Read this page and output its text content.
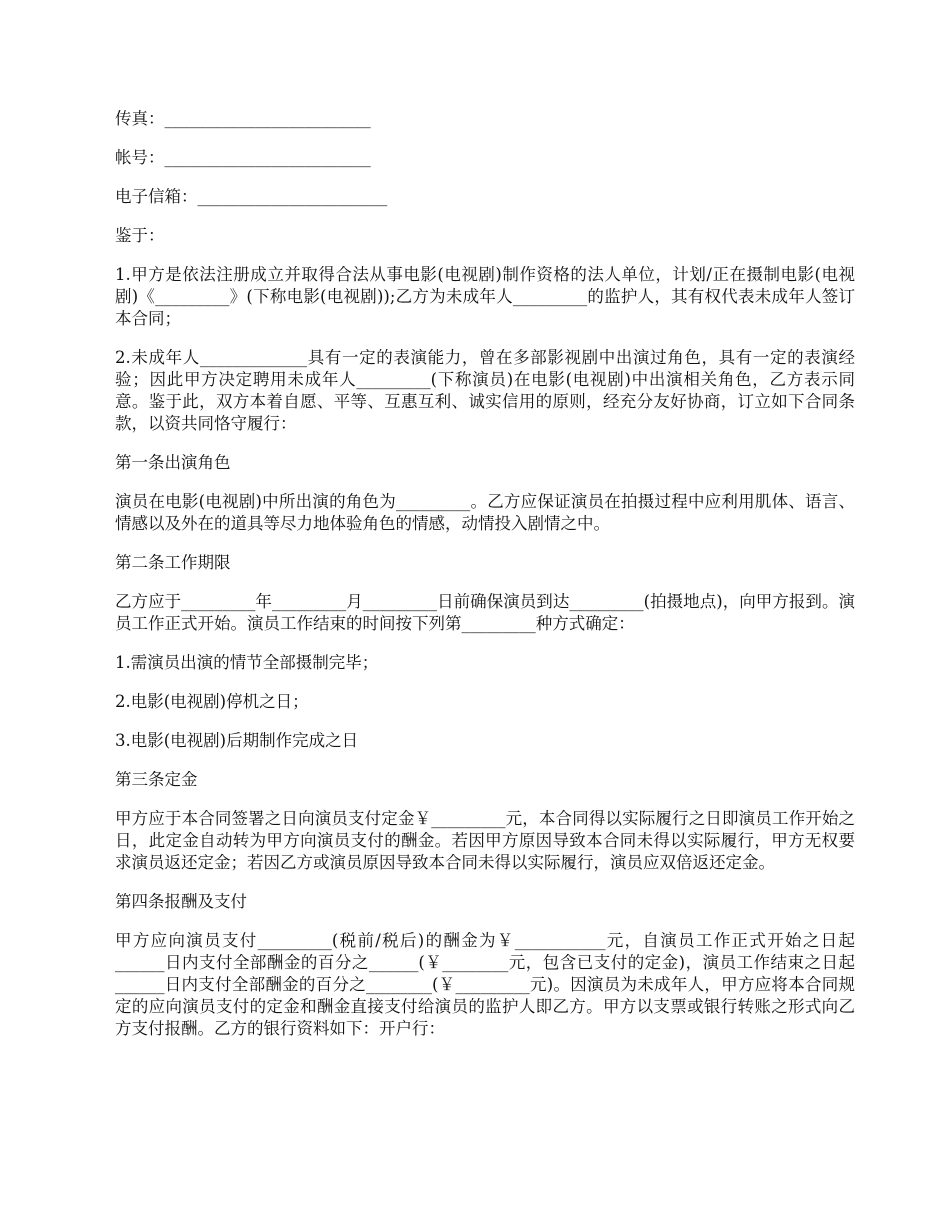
传真：_________________________

帐号：_________________________

电子信箱：_______________________

鉴于：

1.甲方是依法注册成立并取得合法从事电影(电视剧)制作资格的法人单位，计划/正在摄制电影(电视剧)《_________》(下称电影(电视剧));乙方为未成年人_________的监护人，其有权代表未成年人签订本合同；

2.未成年人_____________具有一定的表演能力，曾在多部影视剧中出演过角色，具有一定的表演经验；因此甲方决定聘用未成年人_________(下称演员)在电影(电视剧)中出演相关角色，乙方表示同意。鉴于此，双方本着自愿、平等、互惠互利、诚实信用的原则，经充分友好协商，订立如下合同条款，以资共同恪守履行：

第一条出演角色

演员在电影(电视剧)中所出演的角色为_________。乙方应保证演员在拍摄过程中应利用肌体、语言、情感以及外在的道具等尽力地体验角色的情感，动情投入剧情之中。

第二条工作期限

乙方应于_________年_________月_________日前确保演员到达_________(拍摄地点)，向甲方报到。演员工作正式开始。演员工作结束的时间按下列第_________种方式确定：

1.需演员出演的情节全部摄制完毕；

2.电影(电视剧)停机之日；

3.电影(电视剧)后期制作完成之日

第三条定金

甲方应于本合同签署之日向演员支付定金￥_________元，本合同得以实际履行之日即演员工作开始之日，此定金自动转为甲方向演员支付的酬金。若因甲方原因导致本合同未得以实际履行，甲方无权要求演员返还定金；若因乙方或演员原因导致本合同未得以实际履行，演员应双倍返还定金。

第四条报酬及支付

甲方应向演员支付_________(税前/税后)的酬金为￥___________元，自演员工作正式开始之日起______日内支付全部酬金的百分之______(￥________元，包含已支付的定金)，演员工作结束之日起______日内支付全部酬金的百分之________(￥_________元)。因演员为未成年人，甲方应将本合同规定的应向演员支付的定金和酬金直接支付给演员的监护人即乙方。甲方以支票或银行转账之形式向乙方支付报酬。乙方的银行资料如下：开户行：
